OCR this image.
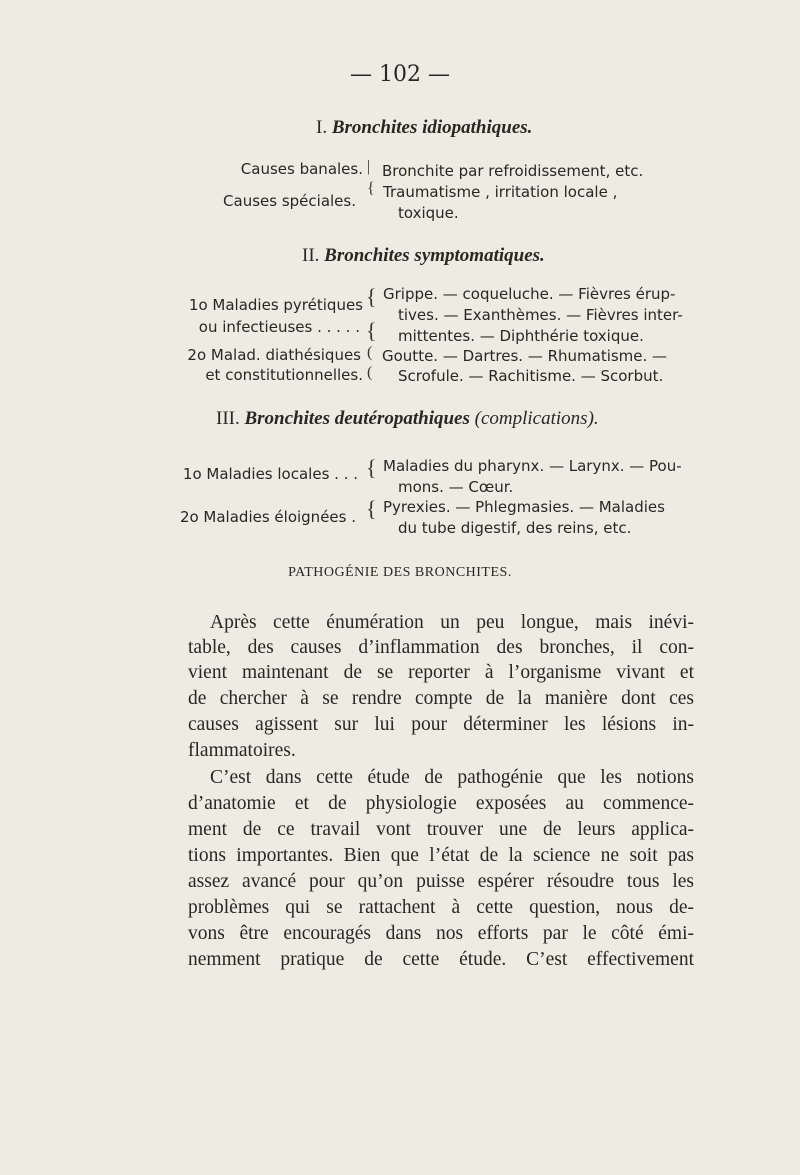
— 102 —
I. Bronchites idiopathiques.
Causes banales. | Bronchite par refroidissement, etc.
Causes spéciales.
{ Traumatisme , irritation locale ,
toxique.
II. Bronchites symptomatiques.
1o Maladies pyrétiques
ou infectieuses . . . . .
{
{
Grippe. — coqueluche. — Fièvres érup-
tives. — Exanthèmes. — Fièvres inter-
mittentes. — Diphthérie toxique.
2o Malad. diathésiques
et constitutionnelles.
(
(
Goutte. — Dartres. — Rhumatisme. —
Scrofule. — Rachitisme. — Scorbut.
III. Bronchites deutéropathiques (complications).
1o Maladies locales . . . { Maladies du pharynx. — Larynx. — Pou-
mons. — Cœur.
2o Maladies éloignées . { Pyrexies. — Phlegmasies. — Maladies
du tube digestif, des reins, etc.
PATHOGÉNIE DES BRONCHITES.
Après cette énumération un peu longue, mais inévi-
table, des causes d’inflammation des bronches, il con-
vient maintenant de se reporter à l’organisme vivant et
de chercher à se rendre compte de la manière dont ces
causes agissent sur lui pour déterminer les lésions in-
flammatoires.
C’est dans cette étude de pathogénie que les notions
d’anatomie et de physiologie exposées au commence-
ment de ce travail vont trouver une de leurs applica-
tions importantes. Bien que l’état de la science ne soit pas
assez avancé pour qu’on puisse espérer résoudre tous les
problèmes qui se rattachent à cette question, nous de-
vons être encouragés dans nos efforts par le côté émi-
nemment pratique de cette étude. C’est effectivement
